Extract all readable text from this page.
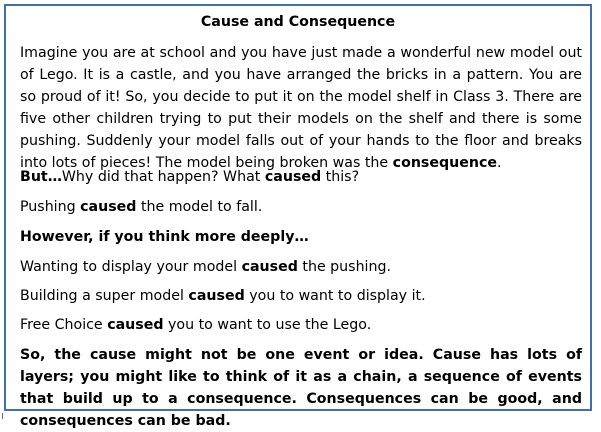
Cause and Consequence

Imagine you are at school and you have just made a wonderful new model out of Lego. It is a castle, and you have arranged the bricks in a pattern. You are so proud of it! So, you decide to put it on the model shelf in Class 3. There are five other children trying to put their models on the shelf and there is some pushing. Suddenly your model falls out of your hands to the floor and breaks into lots of pieces! The model being broken was the consequence.

But…Why did that happen? What caused this?

Pushing caused the model to fall.

However, if you think more deeply…

Wanting to display your model caused the pushing.

Building a super model caused you to want to display it.

Free Choice caused you to want to use the Lego.

So, the cause might not be one event or idea. Cause has lots of layers; you might like to think of it as a chain, a sequence of events that build up to a consequence. Consequences can be good, and consequences can be bad.
